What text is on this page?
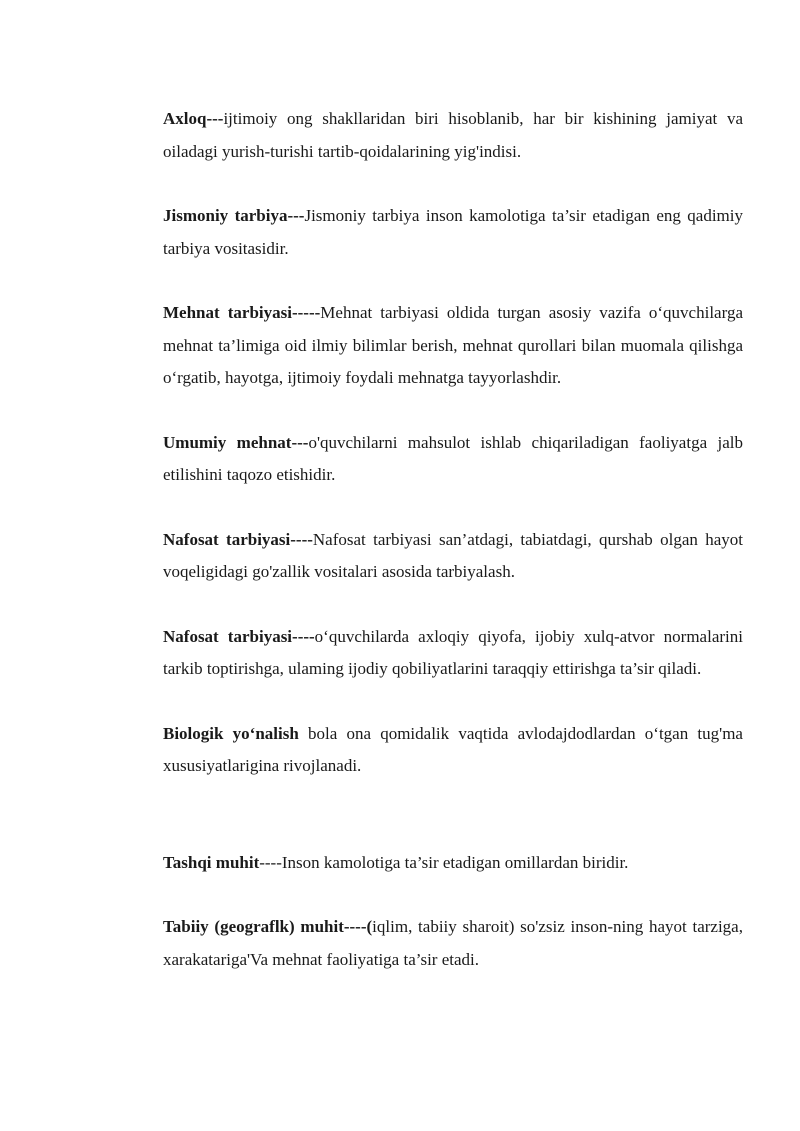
Axloq---ijtimoiy ong shakllaridan biri hisoblanib, har bir kishining jamiyat va oiladagi yurish-turishi tartib-qoidalarining yig'indisi.

Jismoniy tarbiya---Jismoniy tarbiya inson kamolotiga ta’sir etadigan eng qadimiy tarbiya vositasidir.

Mehnat tarbiyasi-----Mehnat tarbiyasi oldida turgan asosiy vazifa o‘quvchilarga mehnat ta’limiga oid ilmiy bilimlar berish, mehnat qurollari bilan muomala qilishga o‘rgatib, hayotga, ijtimoiy foydali mehnatga tayyorlashdir.

Umumiy mehnat---o'quvchilarni mahsulot ishlab chiqariladigan faoliyatga jalb etilishini taqozo etishidir.

Nafosat tarbiyasi----Nafosat tarbiyasi san’atdagi, tabiatdagi, qurshab olgan hayot voqeligidagi go'zallik vositalari asosida tarbiyalash.

Nafosat tarbiyasi----o‘quvchilarda axloqiy qiyofa, ijobiy xulq-atvor normalarini tarkib toptirishga, ulaming ijodiy qobiliyatlarini taraqqiy ettirishga ta’sir qiladi.

Biologik yo‘nalish bola ona qomidalik vaqtida avlodajdodlardan o‘tgan tug'ma xususiyatlarigina rivojlanadi.

Tashqi muhit----Inson kamolotiga ta’sir etadigan omillardan biridir.

Tabiiy (geograflk) muhit----(iqlim, tabiiy sharoit) so'zsiz inson-ning hayot tarziga, xarakatariga'Va mehnat faoliyatiga ta’sir etadi.
